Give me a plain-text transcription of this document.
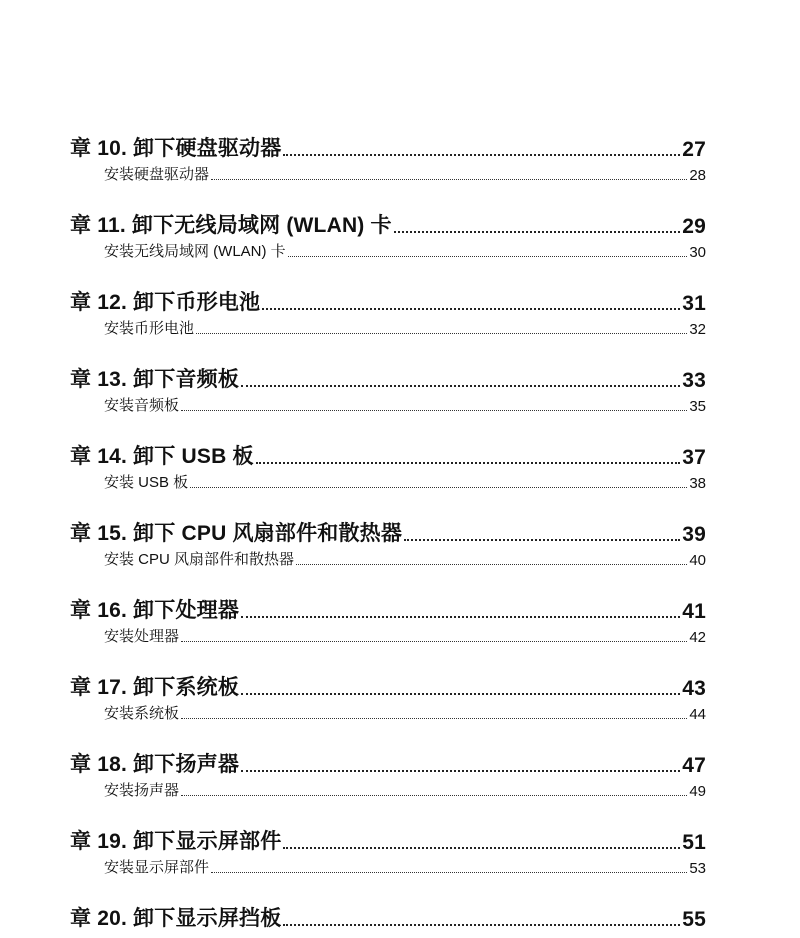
章 10. 卸下硬盘驱动器	27
安装硬盘驱动器	28
章 11. 卸下无线局域网 (WLAN) 卡	29
安装无线局域网 (WLAN) 卡	30
章 12. 卸下币形电池	31
安装币形电池	32
章 13. 卸下音频板	33
安装音频板	35
章 14. 卸下 USB 板	37
安装 USB 板	38
章 15. 卸下 CPU 风扇部件和散热器	39
安装 CPU 风扇部件和散热器	40
章 16. 卸下处理器	41
安装处理器	42
章 17. 卸下系统板	43
安装系统板	44
章 18. 卸下扬声器	47
安装扬声器	49
章 19. 卸下显示屏部件	51
安装显示屏部件	53
章 20. 卸下显示屏挡板	55
